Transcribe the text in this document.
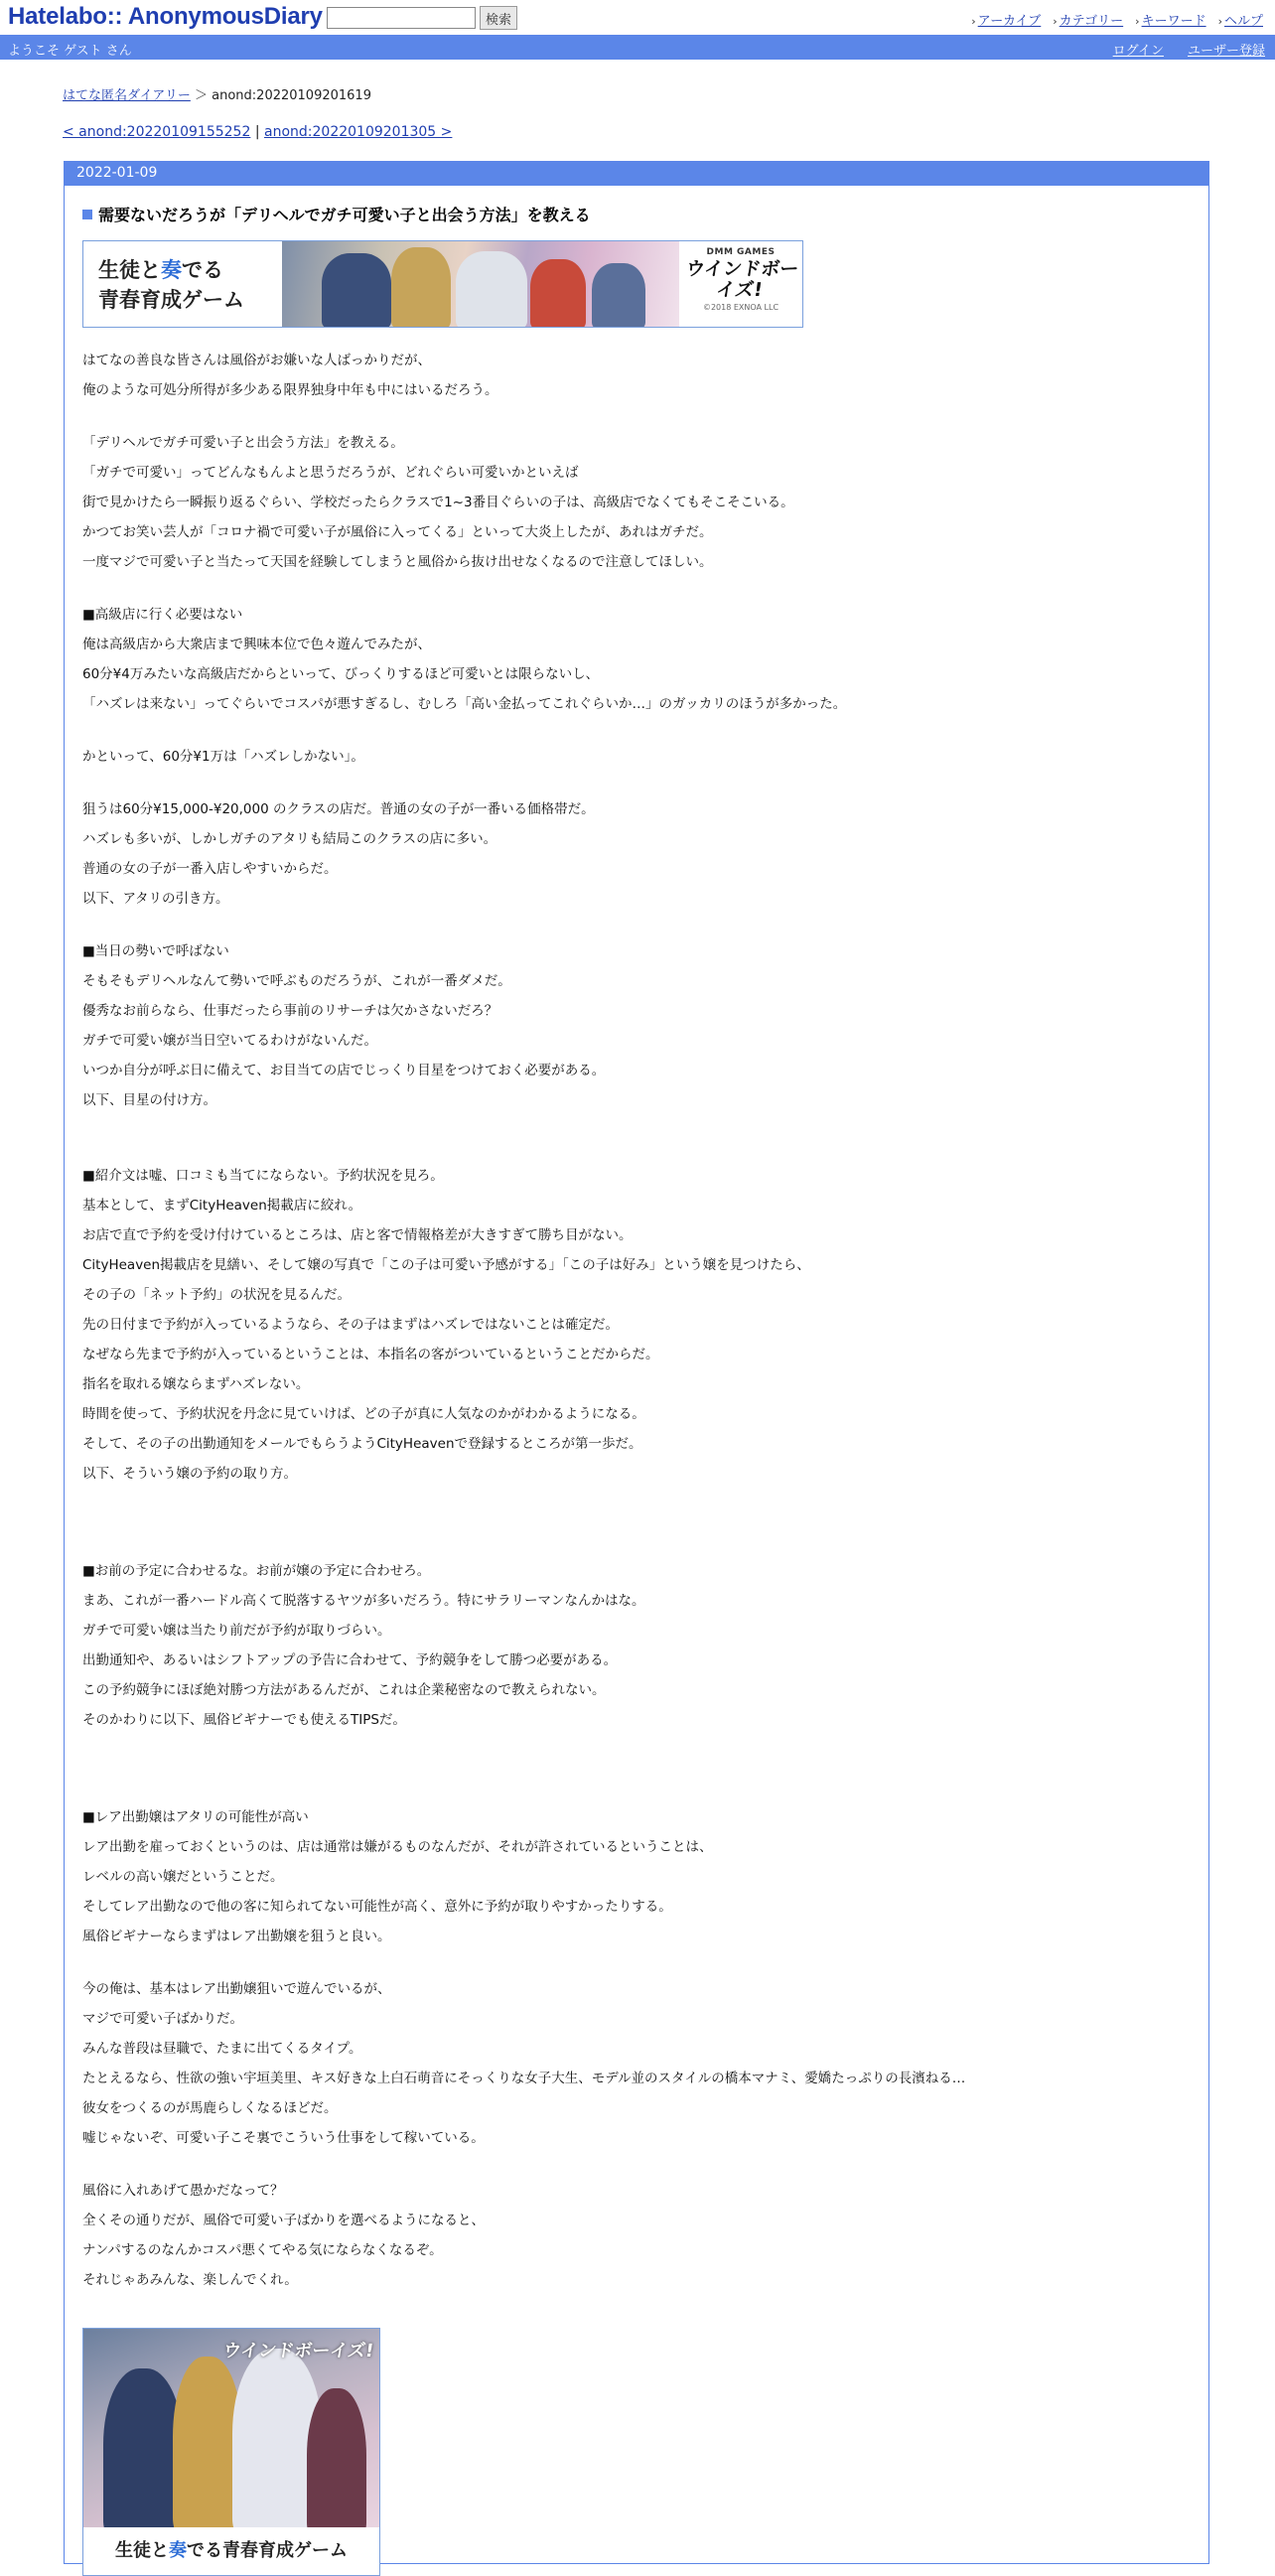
Hatelabo:: AnonymousDiary	検索	› アーカイブ › カテゴリー › キーワード › ヘルプ
ようこそ ゲスト さん	ログイン ユーザー登録
はてな匿名ダイアリー ＞ anond:20220109201619
< anond:20220109155252 | anond:20220109201305 >
2022-01-09
需要ないだろうが「デリヘルでガチ可愛い子と出会う方法」を教える
生徒と奏でる
青春育成ゲーム
DMM GAMES
ウインドボーイズ!
©2018 EXNOA LLC

はてなの善良な皆さんは風俗がお嫌いな人ばっかりだが、

俺のような可処分所得が多少ある限界独身中年も中にはいるだろう。

「デリヘルでガチ可愛い子と出会う方法」を教える。

「ガチで可愛い」ってどんなもんよと思うだろうが、どれぐらい可愛いかといえば

街で見かけたら一瞬振り返るぐらい、学校だったらクラスで1~3番目ぐらいの子は、高級店でなくてもそこそこいる。

かつてお笑い芸人が「コロナ禍で可愛い子が風俗に入ってくる」といって大炎上したが、あれはガチだ。

一度マジで可愛い子と当たって天国を経験してしまうと風俗から抜け出せなくなるので注意してほしい。

■高級店に行く必要はない

俺は高級店から大衆店まで興味本位で色々遊んでみたが、

60分¥4万みたいな高級店だからといって、びっくりするほど可愛いとは限らないし、

「ハズレは来ない」ってぐらいでコスパが悪すぎるし、むしろ「高い金払ってこれぐらいか…」のガッカリのほうが多かった。

かといって、60分¥1万は「ハズレしかない」。

狙うは60分¥15,000-¥20,000 のクラスの店だ。普通の女の子が一番いる価格帯だ。

ハズレも多いが、しかしガチのアタリも結局このクラスの店に多い。

普通の女の子が一番入店しやすいからだ。

以下、アタリの引き方。

■当日の勢いで呼ばない

そもそもデリヘルなんて勢いで呼ぶものだろうが、これが一番ダメだ。

優秀なお前らなら、仕事だったら事前のリサーチは欠かさないだろ？

ガチで可愛い嬢が当日空いてるわけがないんだ。

いつか自分が呼ぶ日に備えて、お目当ての店でじっくり目星をつけておく必要がある。

以下、目星の付け方。

■紹介文は嘘、口コミも当てにならない。予約状況を見ろ。

基本として、まずCityHeaven掲載店に絞れ。

お店で直で予約を受け付けているところは、店と客で情報格差が大きすぎて勝ち目がない。

CityHeaven掲載店を見繕い、そして嬢の写真で「この子は可愛い予感がする」「この子は好み」という嬢を見つけたら、

その子の「ネット予約」の状況を見るんだ。

先の日付まで予約が入っているようなら、その子はまずはハズレではないことは確定だ。

なぜなら先まで予約が入っているということは、本指名の客がついているということだからだ。

指名を取れる嬢ならまずハズレない。

時間を使って、予約状況を丹念に見ていけば、どの子が真に人気なのかがわかるようになる。

そして、その子の出勤通知をメールでもらうようCityHeavenで登録するところが第一歩だ。

以下、そういう嬢の予約の取り方。

■お前の予定に合わせるな。お前が嬢の予定に合わせろ。

まあ、これが一番ハードル高くて脱落するヤツが多いだろう。特にサラリーマンなんかはな。

ガチで可愛い嬢は当たり前だが予約が取りづらい。

出勤通知や、あるいはシフトアップの予告に合わせて、予約競争をして勝つ必要がある。

この予約競争にほぼ絶対勝つ方法があるんだが、これは企業秘密なので教えられない。

そのかわりに以下、風俗ビギナーでも使えるTIPSだ。

■レア出勤嬢はアタリの可能性が高い

レア出勤を雇っておくというのは、店は通常は嫌がるものなんだが、それが許されているということは、

レベルの高い嬢だということだ。

そしてレア出勤なので他の客に知られてない可能性が高く、意外に予約が取りやすかったりする。

風俗ビギナーならまずはレア出勤嬢を狙うと良い。

今の俺は、基本はレア出勤嬢狙いで遊んでいるが、

マジで可愛い子ばかりだ。

みんな普段は昼職で、たまに出てくるタイプ。

たとえるなら、性欲の強い宇垣美里、キス好きな上白石萌音にそっくりな女子大生、モデル並のスタイルの橋本マナミ、愛嬌たっぷりの長濱ねる…

彼女をつくるのが馬鹿らしくなるほどだ。

嘘じゃないぞ、可愛い子こそ裏でこういう仕事をして稼いている。

風俗に入れあげて愚かだなって？

全くその通りだが、風俗で可愛い子ばかりを選べるようになると、

ナンパするのなんかコスパ悪くてやる気にならなくなるぞ。

それじゃあみんな、楽しんでくれ。

ウインドボーイズ!
生徒と奏でる青春育成ゲーム
